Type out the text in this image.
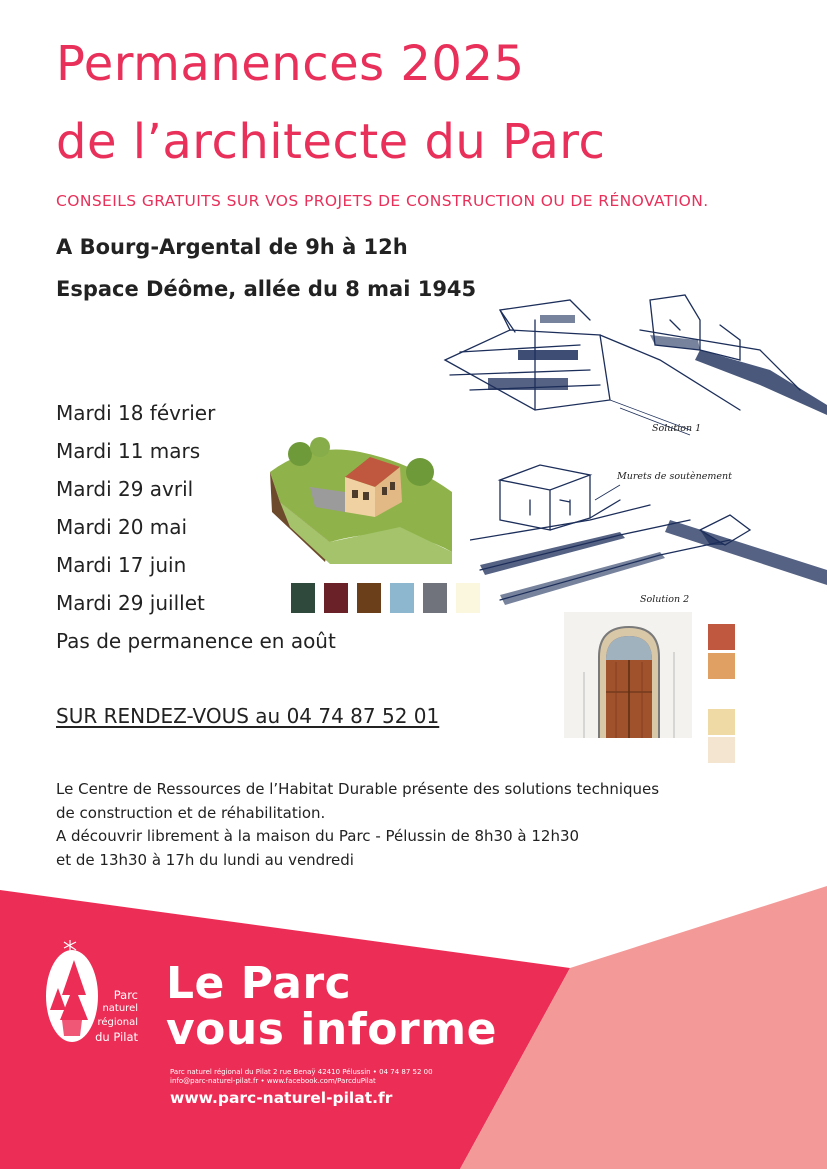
Permanences 2025
de l’architecte du Parc
CONSEILS GRATUITS SUR VOS PROJETS DE CONSTRUCTION OU DE RÉNOVATION.
A Bourg-Argental de 9h à 12h
Espace Déôme, allée du 8 mai 1945
Mardi 18 février
Mardi 11 mars
Mardi 29 avril
Mardi 20 mai
Mardi 17 juin
Mardi 29 juillet
Pas de permanence en août
SUR RENDEZ-VOUS au 04 74 87 52 01
Le Centre de Ressources de l’Habitat Durable présente des solutions techniques
de construction et de réhabilitation.
A découvrir librement à la maison du Parc - Pélussin de 8h30 à 12h30
et de 13h30 à 17h du lundi au vendredi
Solution 1
Murets de soutènement
Solution 2
Parc
naturel
régional
du Pilat
Le Parc
vous informe
Parc naturel régional du Pilat 2 rue Benaÿ 42410 Pélussin • 04 74 87 52 00
info@parc-naturel-pilat.fr • www.facebook.com/ParcduPilat
www.parc-naturel-pilat.fr
